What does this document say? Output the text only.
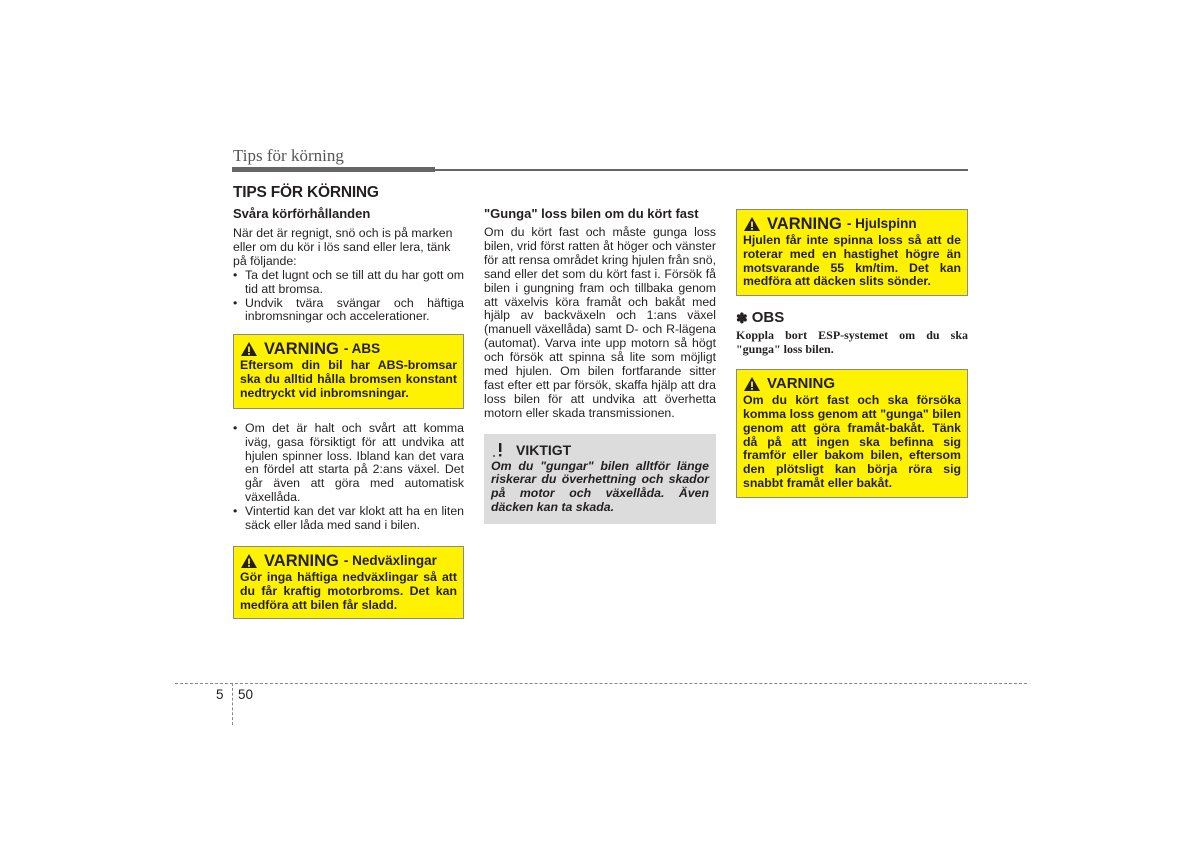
Tips för körning
TIPS FÖR KÖRNING
Svåra körförhållanden

När det är regnigt, snö och is på marken eller om du kör i lös sand eller lera, tänk på följande:

• Ta det lugnt och se till att du har gott om tid att bromsa.
• Undvik tvära svängar och häftiga inbromsningar och accelerationer.
VARNING - ABS
Eftersom din bil har ABS-bromsar ska du alltid hålla bromsen konstant nedtryckt vid inbromsningar.
• Om det är halt och svårt att komma iväg, gasa försiktigt för att undvika att hjulen spinner loss. Ibland kan det vara en fördel att starta på 2:ans växel. Det går även att göra med automatisk växellåda.
• Vintertid kan det var klokt att ha en liten säck eller låda med sand i bilen.
VARNING - Nedväxlingar
Gör inga häftiga nedväxlingar så att du får kraftig motorbroms. Det kan medföra att bilen får sladd.
"Gunga" loss bilen om du kört fast

Om du kört fast och måste gunga loss bilen, vrid först ratten åt höger och vänster för att rensa området kring hjulen från snö, sand eller det som du kört fast i. Försök få bilen i gungning fram och tillbaka genom att växelvis köra framåt och bakåt med hjälp av backväxeln och 1:ans växel (manuell växellåda) samt D- och R-lägena (automat). Varva inte upp motorn så högt och försök att spinna så lite som möjligt med hjulen. Om bilen fortfarande sitter fast efter ett par försök, skaffa hjälp att dra loss bilen för att undvika att överhetta motorn eller skada transmissionen.

VIKTIGT
Om du "gungar" bilen alltför länge riskerar du överhettning och skador på motor och växellåda. Även däcken kan ta skada.
VARNING - Hjulspinn
Hjulen får inte spinna loss så att de roterar med en hastighet högre än motsvarande 55 km/tim. Det kan medföra att däcken slits sönder.
✽ OBS
Koppla bort ESP-systemet om du ska "gunga" loss bilen.
VARNING
Om du kört fast och ska försöka komma loss genom att "gunga" bilen genom att göra framåt-bakåt. Tänk då på att ingen ska befinna sig framför eller bakom bilen, eftersom den plötsligt kan börja röra sig snabbt framåt eller bakåt.
5 50
